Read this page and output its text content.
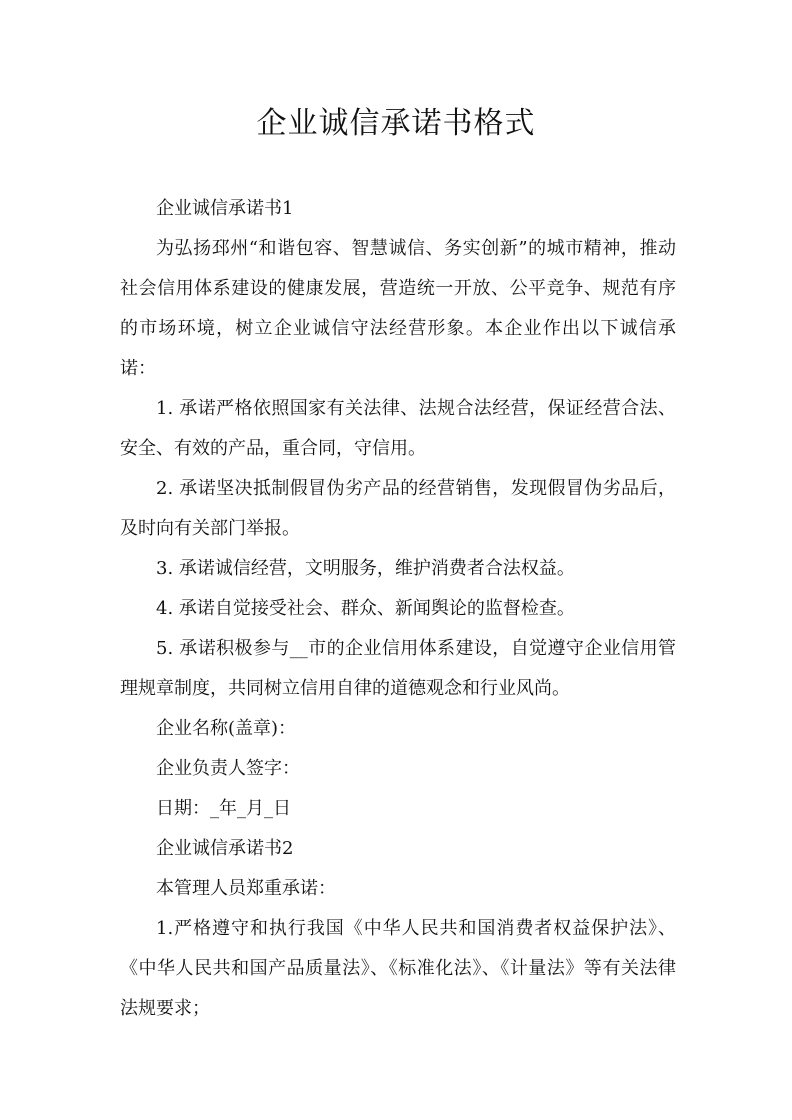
企业诚信承诺书格式

企业诚信承诺书1

为弘扬邳州“和谐包容、智慧诚信、务实创新”的城市精神，推动社会信用体系建设的健康发展，营造统一开放、公平竞争、规范有序的市场环境，树立企业诚信守法经营形象。本企业作出以下诚信承诺：

1. 承诺严格依照国家有关法律、法规合法经营，保证经营合法、安全、有效的产品，重合同，守信用。

2. 承诺坚决抵制假冒伪劣产品的经营销售，发现假冒伪劣品后，及时向有关部门举报。

3. 承诺诚信经营，文明服务，维护消费者合法权益。

4. 承诺自觉接受社会、群众、新闻舆论的监督检查。

5. 承诺积极参与__市的企业信用体系建设，自觉遵守企业信用管理规章制度，共同树立信用自律的道德观念和行业风尚。

企业名称(盖章)：

企业负责人签字：

日期：_年_月_日

企业诚信承诺书2

本管理人员郑重承诺：

1.严格遵守和执行我国《中华人民共和国消费者权益保护法》、《中华人民共和国产品质量法》、《标准化法》、《计量法》等有关法律法规要求；
